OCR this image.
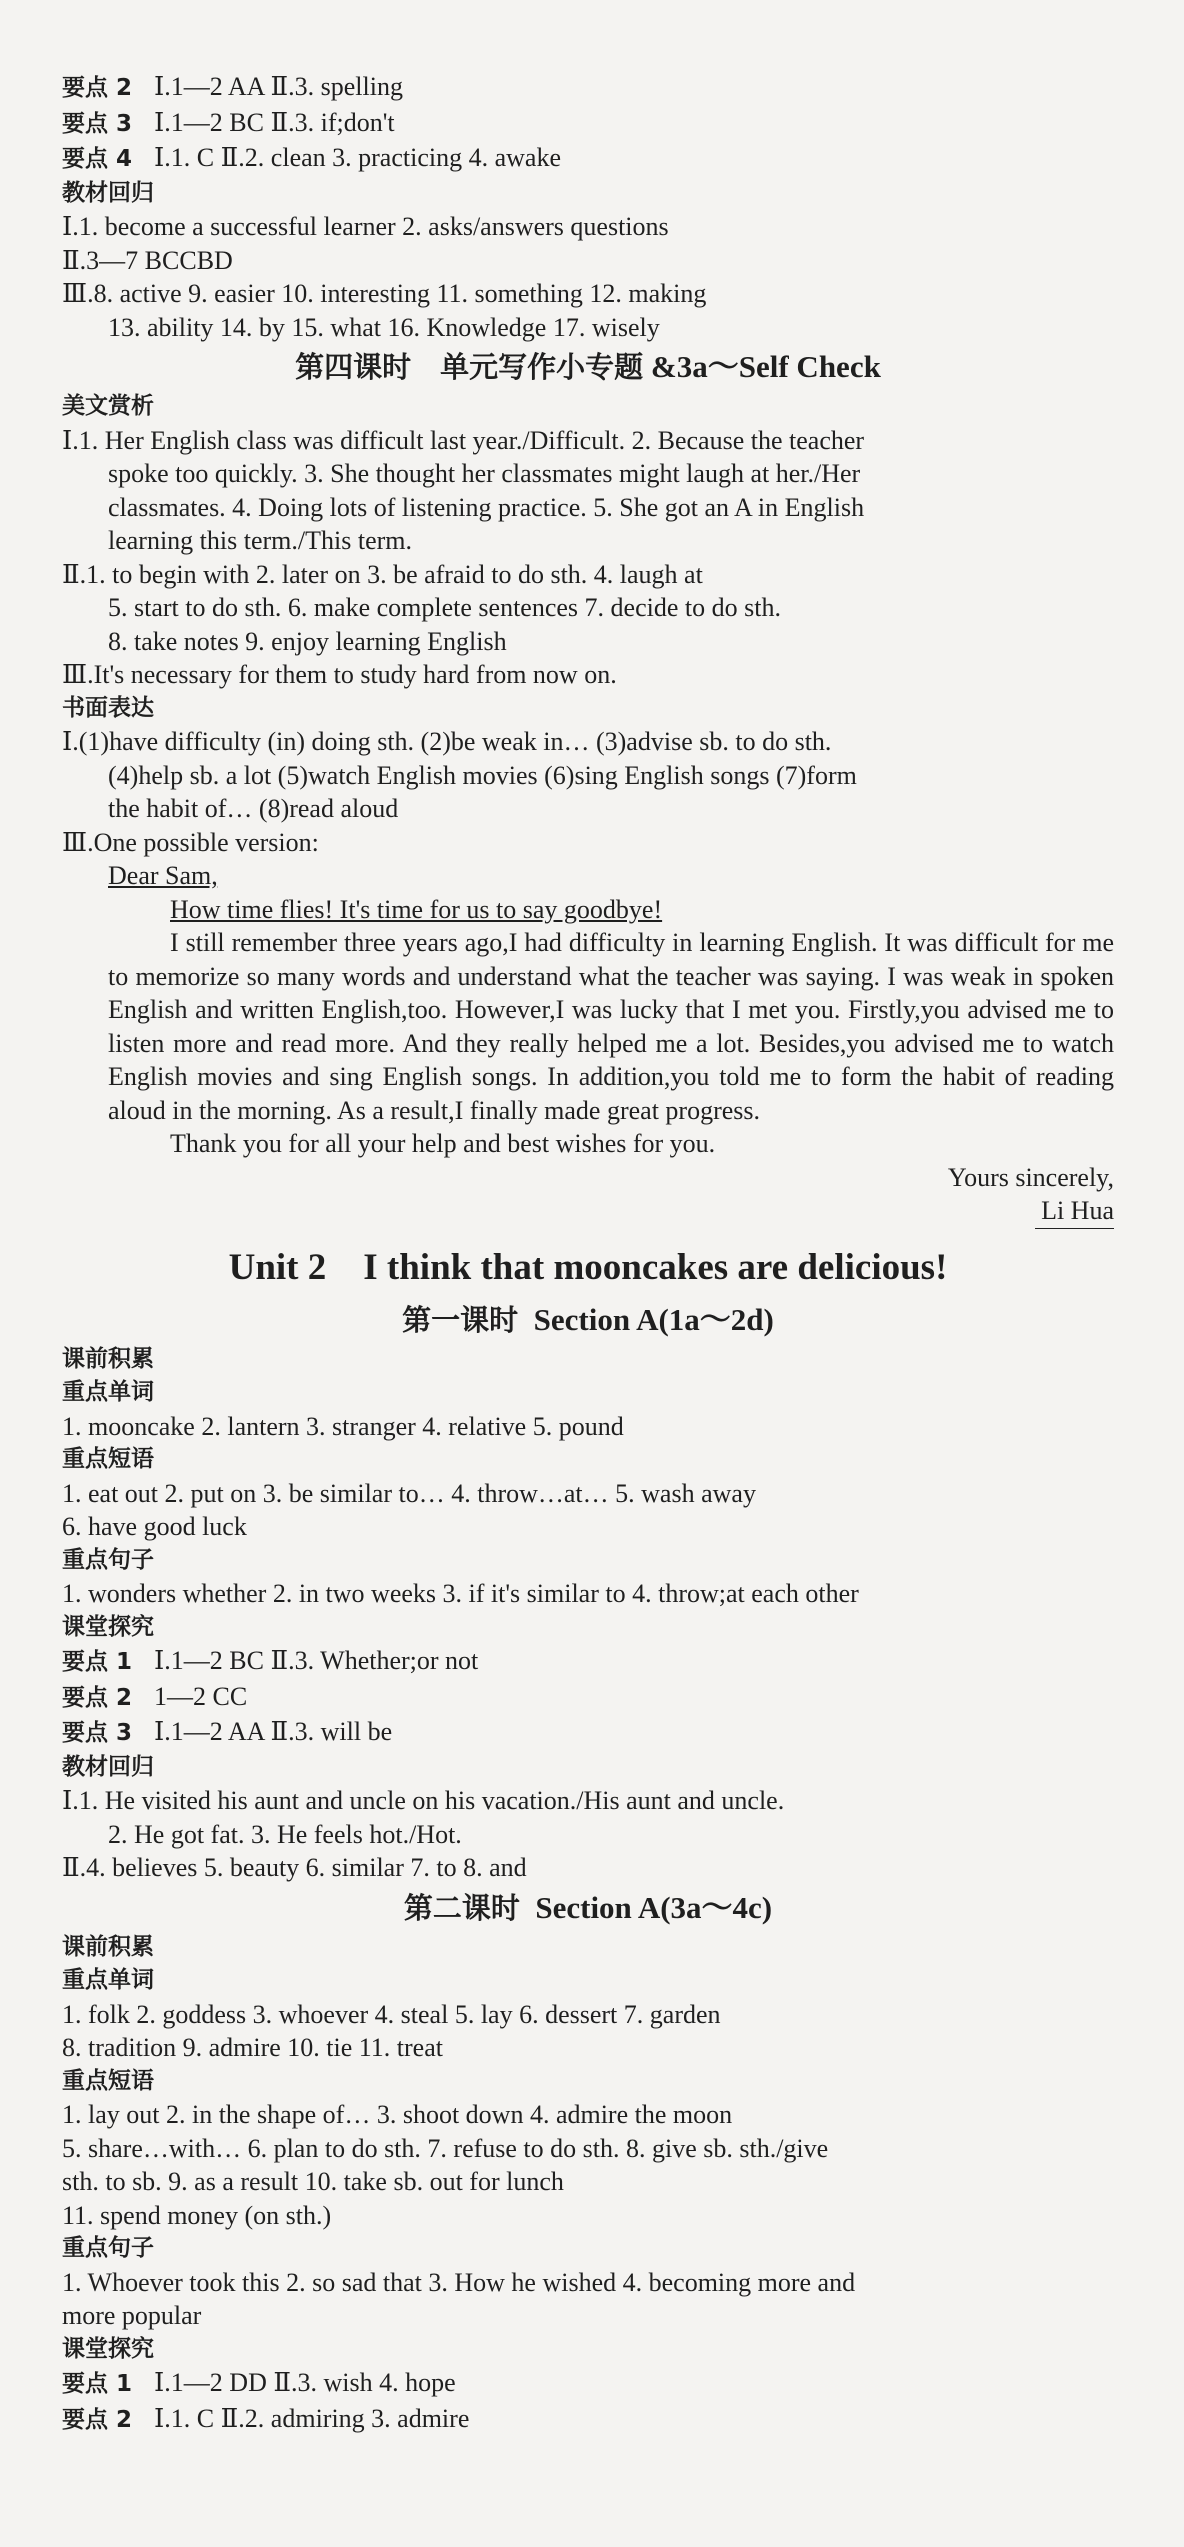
要点 2 Ⅰ.1—2 AA Ⅱ.3. spelling
要点 3 Ⅰ.1—2 BC Ⅱ.3. if;don't
要点 4 Ⅰ.1. C Ⅱ.2. clean 3. practicing 4. awake
教材回归
Ⅰ.1. become a successful learner 2. asks/answers questions
Ⅱ.3—7 BCCBD
Ⅲ.8. active 9. easier 10. interesting 11. something 12. making
13. ability 14. by 15. what 16. Knowledge 17. wisely
第四课时　单元写作小专题 &3a～Self Check
美文赏析
Ⅰ.1. Her English class was difficult last year./Difficult. 2. Because the teacher
spoke too quickly. 3. She thought her classmates might laugh at her./Her
classmates. 4. Doing lots of listening practice. 5. She got an A in English
learning this term./This term.
Ⅱ.1. to begin with 2. later on 3. be afraid to do sth. 4. laugh at
5. start to do sth. 6. make complete sentences 7. decide to do sth.
8. take notes 9. enjoy learning English
Ⅲ.It's necessary for them to study hard from now on.
书面表达
Ⅰ.(1)have difficulty (in) doing sth. (2)be weak in… (3)advise sb. to do sth.
(4)help sb. a lot (5)watch English movies (6)sing English songs (7)form
the habit of… (8)read aloud
Ⅲ.One possible version:
Dear Sam,
How time flies! It's time for us to say goodbye!
I still remember three years ago,I had difficulty in learning English. It was difficult for me to memorize so many words and understand what the teacher was saying. I was weak in spoken English and written English,too. However,I was lucky that I met you. Firstly,you advised me to listen more and read more. And they really helped me a lot. Besides,you advised me to watch English movies and sing English songs. In addition,you told me to form the habit of reading aloud in the morning. As a result,I finally made great progress.
Thank you for all your help and best wishes for you.
Yours sincerely,
Li Hua
Unit 2　I think that mooncakes are delicious!
第一课时 Section A(1a～2d)
课前积累
重点单词
1. mooncake 2. lantern 3. stranger 4. relative 5. pound
重点短语
1. eat out 2. put on 3. be similar to… 4. throw…at… 5. wash away
6. have good luck
重点句子
1. wonders whether 2. in two weeks 3. if it's similar to 4. throw;at each other
课堂探究
要点 1 Ⅰ.1—2 BC Ⅱ.3. Whether;or not
要点 2 1—2 CC
要点 3 Ⅰ.1—2 AA Ⅱ.3. will be
教材回归
Ⅰ.1. He visited his aunt and uncle on his vacation./His aunt and uncle.
2. He got fat. 3. He feels hot./Hot.
Ⅱ.4. believes 5. beauty 6. similar 7. to 8. and
第二课时 Section A(3a～4c)
课前积累
重点单词
1. folk 2. goddess 3. whoever 4. steal 5. lay 6. dessert 7. garden
8. tradition 9. admire 10. tie 11. treat
重点短语
1. lay out 2. in the shape of… 3. shoot down 4. admire the moon
5. share…with… 6. plan to do sth. 7. refuse to do sth. 8. give sb. sth./give
sth. to sb. 9. as a result 10. take sb. out for lunch
11. spend money (on sth.)
重点句子
1. Whoever took this 2. so sad that 3. How he wished 4. becoming more and
more popular
课堂探究
要点 1 Ⅰ.1—2 DD Ⅱ.3. wish 4. hope
要点 2 Ⅰ.1. C Ⅱ.2. admiring 3. admire
